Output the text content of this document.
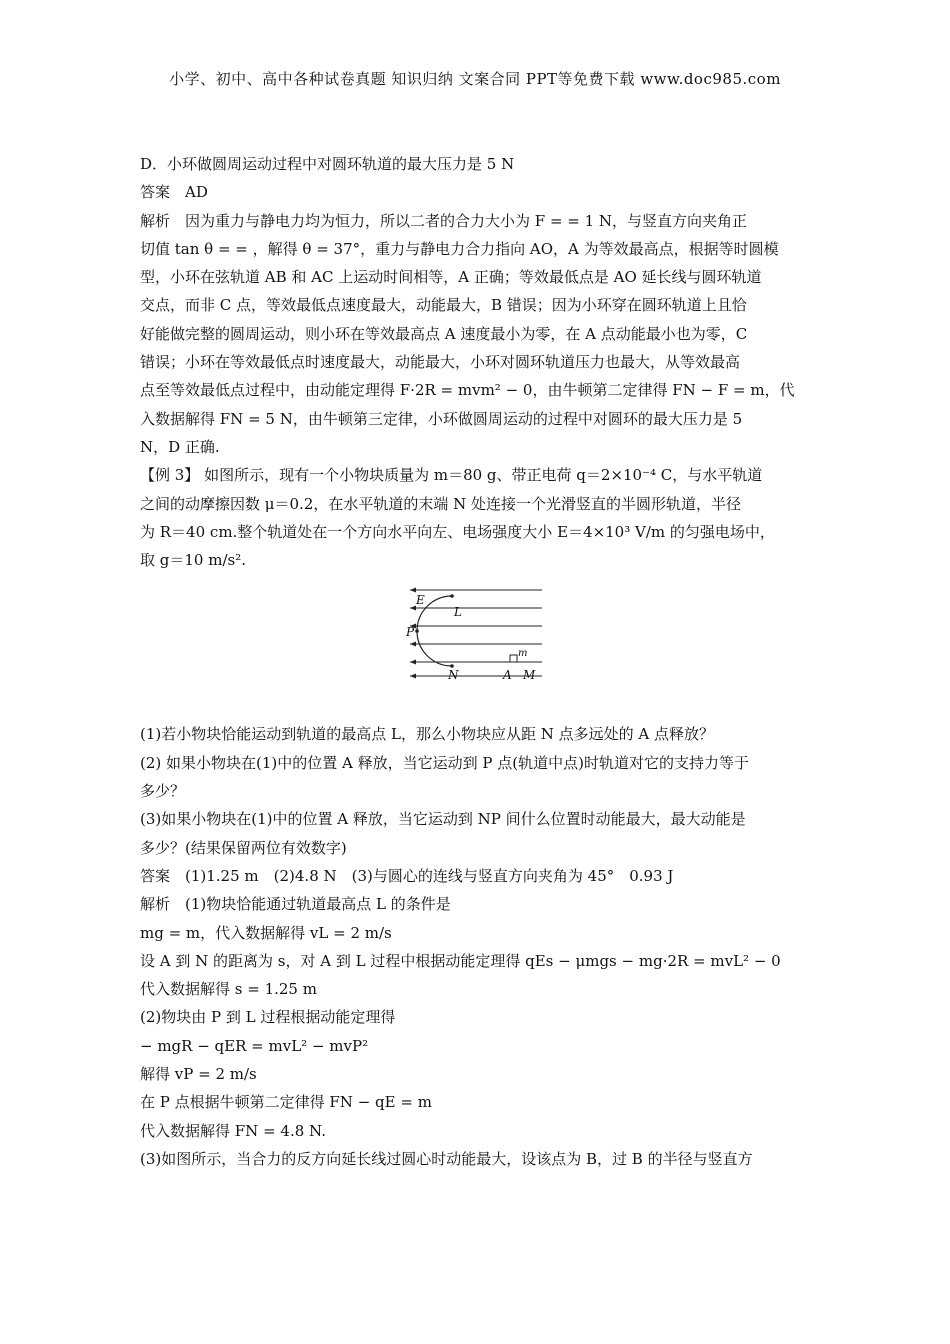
小学、初中、高中各种试卷真题 知识归纳 文案合同 PPT等免费下载 www.doc985.com
D．小环做圆周运动过程中对圆环轨道的最大压力是 5 N
答案　AD
解析　因为重力与静电力均为恒力，所以二者的合力大小为 F = = 1 N，与竖直方向夹角正
切值 tan θ = = ，解得 θ = 37°，重力与静电力合力指向 AO，A 为等效最高点，根据等时圆模
型，小环在弦轨道 AB 和 AC 上运动时间相等，A 正确；等效最低点是 AO 延长线与圆环轨道
交点，而非 C 点，等效最低点速度最大，动能最大，B 错误；因为小环穿在圆环轨道上且恰
好能做完整的圆周运动，则小环在等效最高点 A 速度最小为零，在 A 点动能最小也为零，C
错误；小环在等效最低点时速度最大，动能最大，小环对圆环轨道压力也最大，从等效最高
点至等效最低点过程中，由动能定理得 F·2R = mvm² − 0，由牛顿第二定律得 FN − F = m，代
入数据解得 FN = 5 N，由牛顿第三定律，小环做圆周运动的过程中对圆环的最大压力是 5
N，D 正确.
【例 3】 如图所示，现有一个小物块质量为 m＝80 g、带正电荷 q＝2×10⁻⁴ C，与水平轨道
之间的动摩擦因数 μ＝0.2，在水平轨道的末端 N 处连接一个光滑竖直的半圆形轨道，半径
为 R＝40 cm.整个轨道处在一个方向水平向左、电场强度大小 E＝4×10³ V/m 的匀强电场中，
取 g＝10 m/s².
E
L
P
m
N	A M
(1)若小物块恰能运动到轨道的最高点 L，那么小物块应从距 N 点多远处的 A 点释放？
(2) 如果小物块在(1)中的位置 A 释放，当它运动到 P 点(轨道中点)时轨道对它的支持力等于
多少？
(3)如果小物块在(1)中的位置 A 释放，当它运动到 NP 间什么位置时动能最大，最大动能是
多少？(结果保留两位有效数字)
答案　(1)1.25 m　(2)4.8 N　(3)与圆心的连线与竖直方向夹角为 45°　0.93 J
解析　(1)物块恰能通过轨道最高点 L 的条件是
mg = m，代入数据解得 vL = 2 m/s
设 A 到 N 的距离为 s，对 A 到 L 过程中根据动能定理得 qEs − μmgs − mg·2R = mvL² − 0
代入数据解得 s = 1.25 m
(2)物块由 P 到 L 过程根据动能定理得
− mgR − qER = mvL² − mvP²
解得 vP = 2 m/s
在 P 点根据牛顿第二定律得 FN − qE = m
代入数据解得 FN = 4.8 N.
(3)如图所示，当合力的反方向延长线过圆心时动能最大，设该点为 B，过 B 的半径与竖直方
